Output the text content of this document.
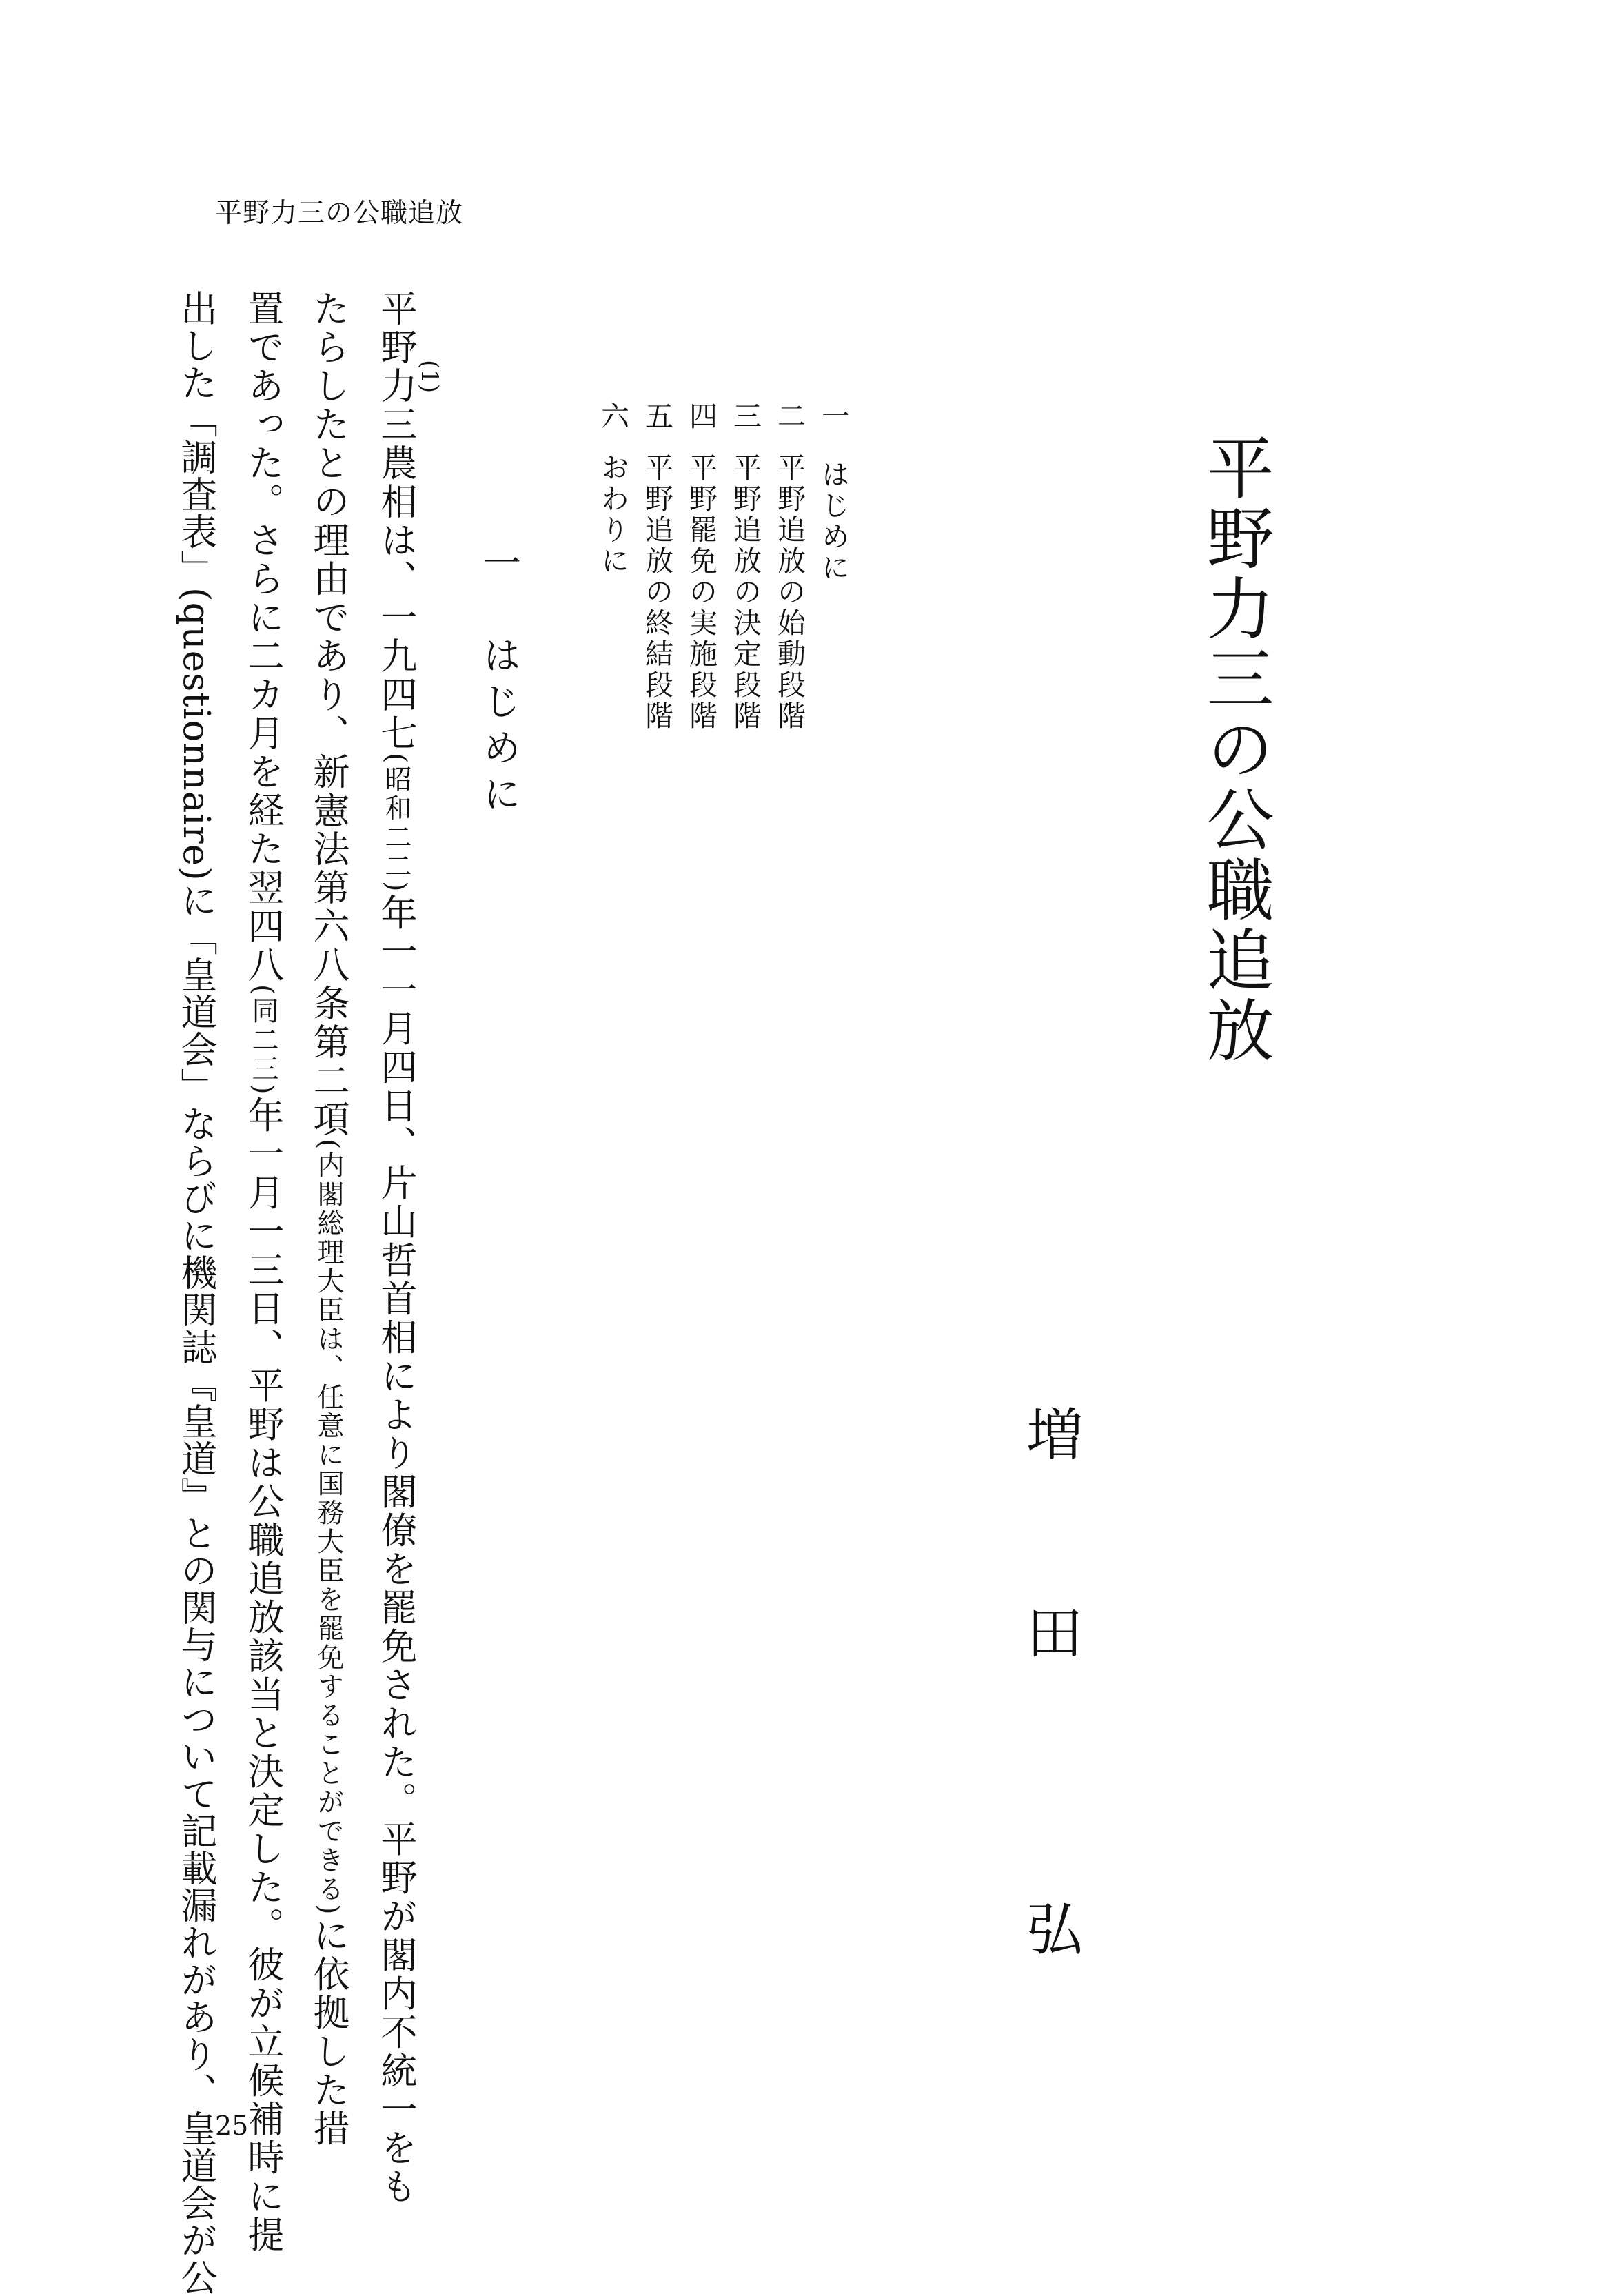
平野力三の公職追放
平野力三の公職追放
増
田
弘
一はじめに
二平野追放の始動段階
三平野追放の決定段階
四平野罷免の実施段階
五平野追放の終結段階
六おわりに
一　はじめに
(1)
平野力三農相は、一九四七(昭和二二)年一一月四日、片山哲首相により閣僚を罷免された。平野が閣内不統一をも
たらしたとの理由であり、新憲法第六八条第二項(内閣総理大臣は、任意に国務大臣を罷免することができる)に依拠した措
置であった。さらに二カ月を経た翌四八(同二三)年一月一三日、平野は公職追放該当と決定した。彼が立候補時に提
出した「調査表」(questionnaire)に「皇道会」ならびに機関誌『皇道』との関与について記載漏れがあり、皇道会が公
25
